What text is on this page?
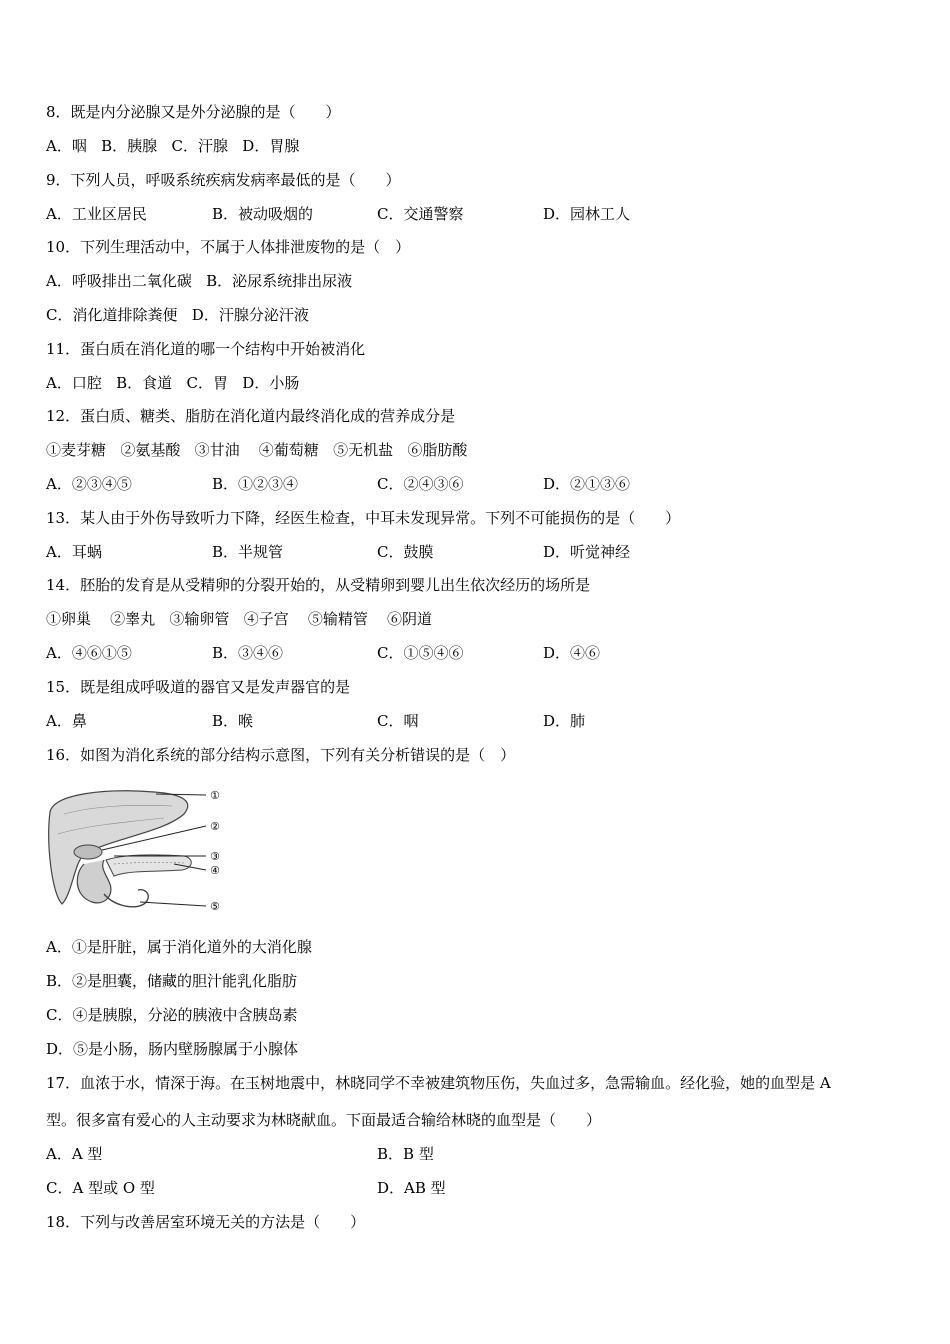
8．既是内分泌腺又是外分泌腺的是（　　）
A．咽 B．胰腺 C．汗腺 D．胃腺
9．下列人员，呼吸系统疾病发病率最低的是（　　）
A．工业区居民	B．被动吸烟的	C．交通警察	D．园林工人
10．下列生理活动中，不属于人体排泄废物的是（　）
A．呼吸排出二氧化碳 B．泌尿系统排出尿液
C．消化道排除粪便 D．汗腺分泌汗液
11．蛋白质在消化道的哪一个结构中开始被消化
A．口腔 B．食道 C．胃 D．小肠
12．蛋白质、糖类、脂肪在消化道内最终消化成的营养成分是
①麦芽糖 ②氨基酸 ③甘油 ④葡萄糖 ⑤无机盐 ⑥脂肪酸
A．②③④⑤	B．①②③④	C．②④③⑥	D．②①③⑥
13．某人由于外伤导致听力下降，经医生检查，中耳未发现异常。下列不可能损伤的是（　　）
A．耳蜗	B．半规管	C．鼓膜	D．听觉神经
14．胚胎的发育是从受精卵的分裂开始的，从受精卵到婴儿出生依次经历的场所是
①卵巢 ②睾丸 ③输卵管 ④子宫 ⑤输精管 ⑥阴道
A．④⑥①⑤	B．③④⑥	C．①⑤④⑥	D．④⑥
15．既是组成呼吸道的器官又是发声器官的是
A．鼻	B．喉	C．咽	D．肺
16．如图为消化系统的部分结构示意图，下列有关分析错误的是（　）
①
②
③
④
⑤
A．①是肝脏，属于消化道外的大消化腺
B．②是胆囊，储藏的胆汁能乳化脂肪
C．④是胰腺，分泌的胰液中含胰岛素
D．⑤是小肠，肠内壁肠腺属于小腺体
17．血浓于水，情深于海。在玉树地震中，林晓同学不幸被建筑物压伤，失血过多，急需输血。经化验，她的血型是 A
型。很多富有爱心的人主动要求为林晓献血。下面最适合输给林晓的血型是（　　）
A．A 型	B．B 型
C．A 型或 O 型	D．AB 型
18．下列与改善居室环境无关的方法是（　　）
